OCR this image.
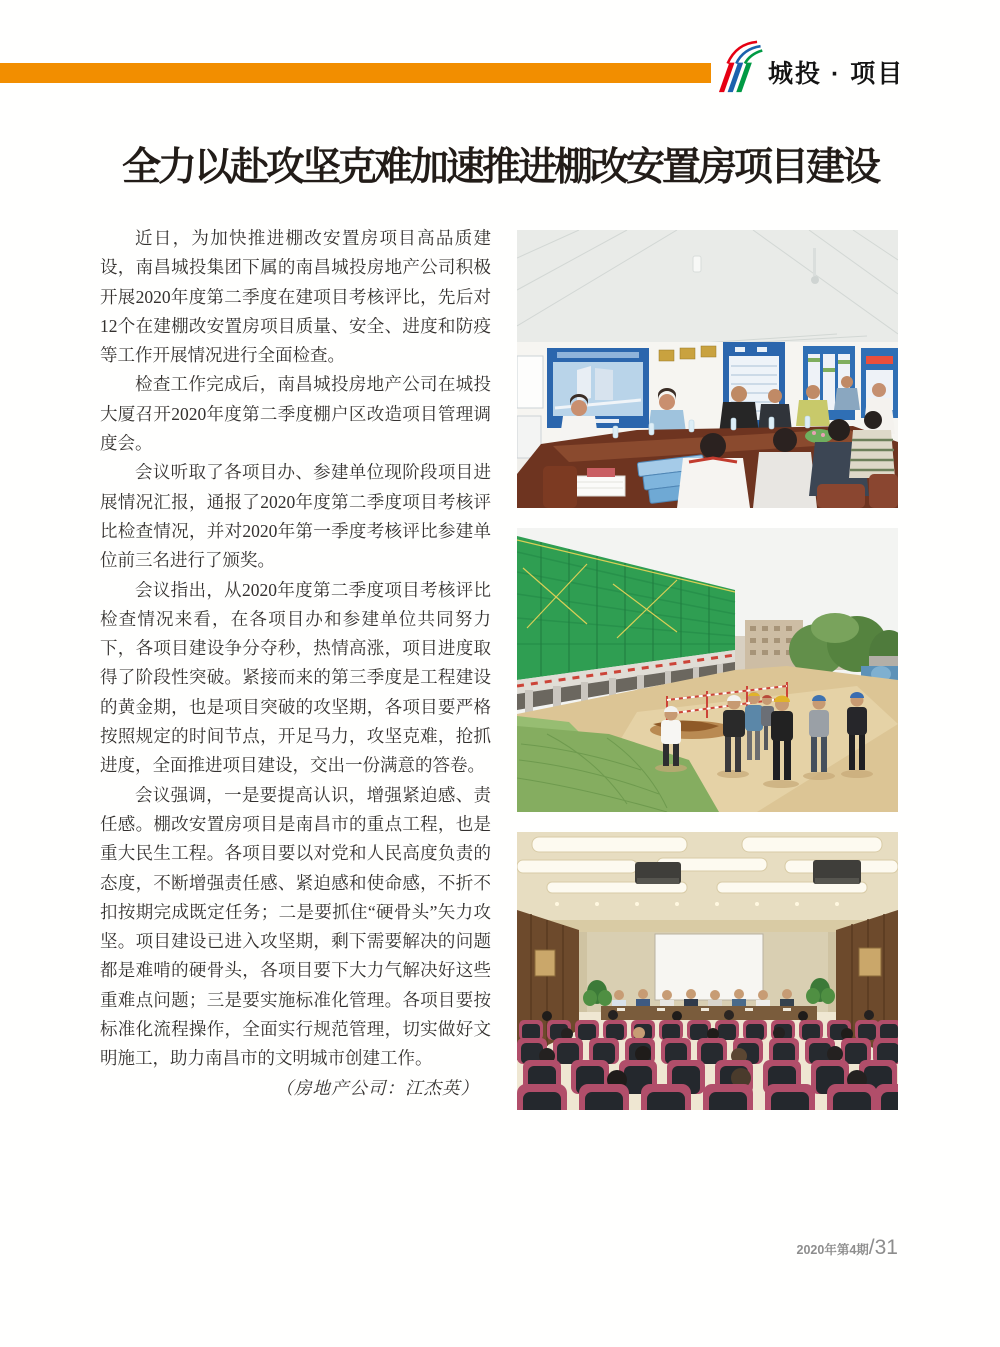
城投 · 项目
全力以赴攻坚克难加速推进棚改安置房项目建设

近日，为加快推进棚改安置房项目高品质建设，南昌城投集团下属的南昌城投房地产公司积极开展2020年度第二季度在建项目考核评比，先后对12个在建棚改安置房项目质量、安全、进度和防疫等工作开展情况进行全面检查。

检查工作完成后，南昌城投房地产公司在城投大厦召开2020年度第二季度棚户区改造项目管理调度会。

会议听取了各项目办、参建单位现阶段项目进展情况汇报，通报了2020年度第二季度项目考核评比检查情况，并对2020年第一季度考核评比参建单位前三名进行了颁奖。

会议指出，从2020年度第二季度项目考核评比检查情况来看，在各项目办和参建单位共同努力下，各项目建设争分夺秒，热情高涨，项目进度取得了阶段性突破。紧接而来的第三季度是工程建设的黄金期，也是项目突破的攻坚期，各项目要严格按照规定的时间节点，开足马力，攻坚克难，抢抓进度，全面推进项目建设，交出一份满意的答卷。

会议强调，一是要提高认识，增强紧迫感、责任感。棚改安置房项目是南昌市的重点工程，也是重大民生工程。各项目要以对党和人民高度负责的态度，不断增强责任感、紧迫感和使命感，不折不扣按期完成既定任务；二是要抓住“硬骨头”矢力攻坚。项目建设已进入攻坚期，剩下需要解决的问题都是难啃的硬骨头，各项目要下大力气解决好这些重难点问题；三是要实施标准化管理。各项目要按标准化流程操作，全面实行规范管理，切实做好文明施工，助力南昌市的文明城市创建工作。

（房地产公司：江杰英）

2020年第4期/31
